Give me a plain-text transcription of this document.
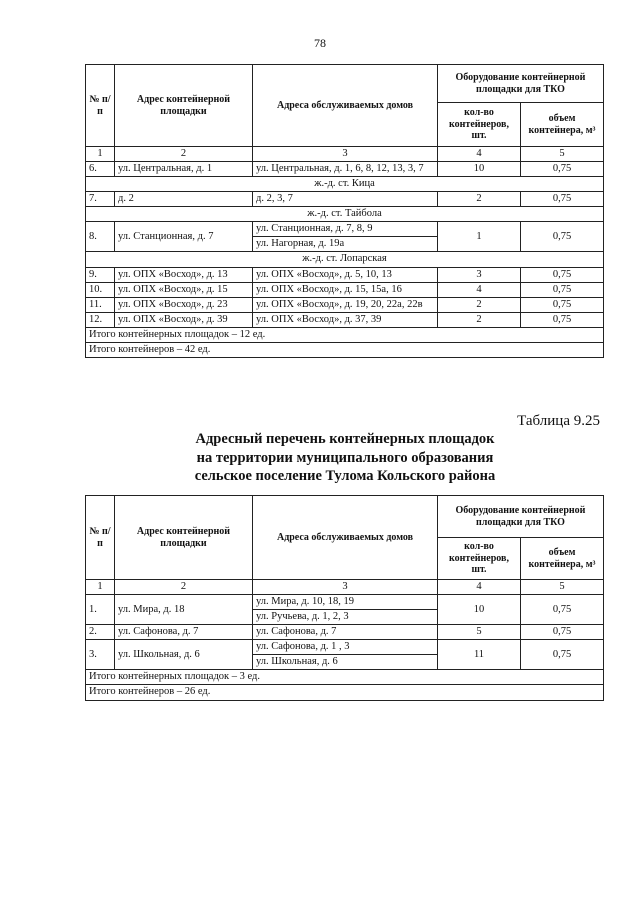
78
№ п/п	Адрес контейнерной площадки	Адреса обслуживаемых домов	Оборудование контейнерной площадки для ТКО	
			кол-во контейнеров, шт.	объем контейнера, м³
1	2	3	4	5
6.	ул. Центральная, д. 1	ул. Центральная, д. 1, 6, 8, 12, 13, 3, 7	10	0,75
ж.-д. ст. Кица				
7.	д. 2	д. 2, 3, 7	2	0,75
ж.-д. ст. Тайбола				
8.	ул. Станционная, д. 7	ул. Станционная, д. 7, 8, 9	1	0,75
		ул. Нагорная, д. 19а		
ж.-д. ст. Лопарская				
9.	ул. ОПХ «Восход», д. 13	ул. ОПХ «Восход», д. 5, 10, 13	3	0,75
10.	ул. ОПХ «Восход», д. 15	ул. ОПХ «Восход», д. 15, 15а, 16	4	0,75
11.	ул. ОПХ «Восход», д. 23	ул. ОПХ «Восход», д. 19, 20, 22а, 22в	2	0,75
12.	ул. ОПХ «Восход», д. 39	ул. ОПХ «Восход», д. 37, 39	2	0,75
Итого контейнерных площадок – 12 ед.				
Итого контейнеров – 42 ед.				
Таблица 9.25
Адресный перечень контейнерных площадок
на территории муниципального образования
сельское поселение Тулома Кольского района
№ п/п	Адрес контейнерной площадки	Адреса обслуживаемых домов	Оборудование контейнерной площадки для ТКО	
			кол-во контейнеров, шт.	объем контейнера, м³
1	2	3	4	5
1.	ул. Мира, д. 18	ул. Мира, д. 10, 18, 19	10	0,75
		ул. Ручьева, д. 1, 2, 3		
2.	ул. Сафонова, д. 7	ул. Сафонова, д. 7	5	0,75
3.	ул. Школьная, д. 6	ул. Сафонова, д. 1 , 3	11	0,75
		ул. Школьная, д. 6		
Итого контейнерных площадок – 3 ед.				
Итого контейнеров – 26 ед.				
